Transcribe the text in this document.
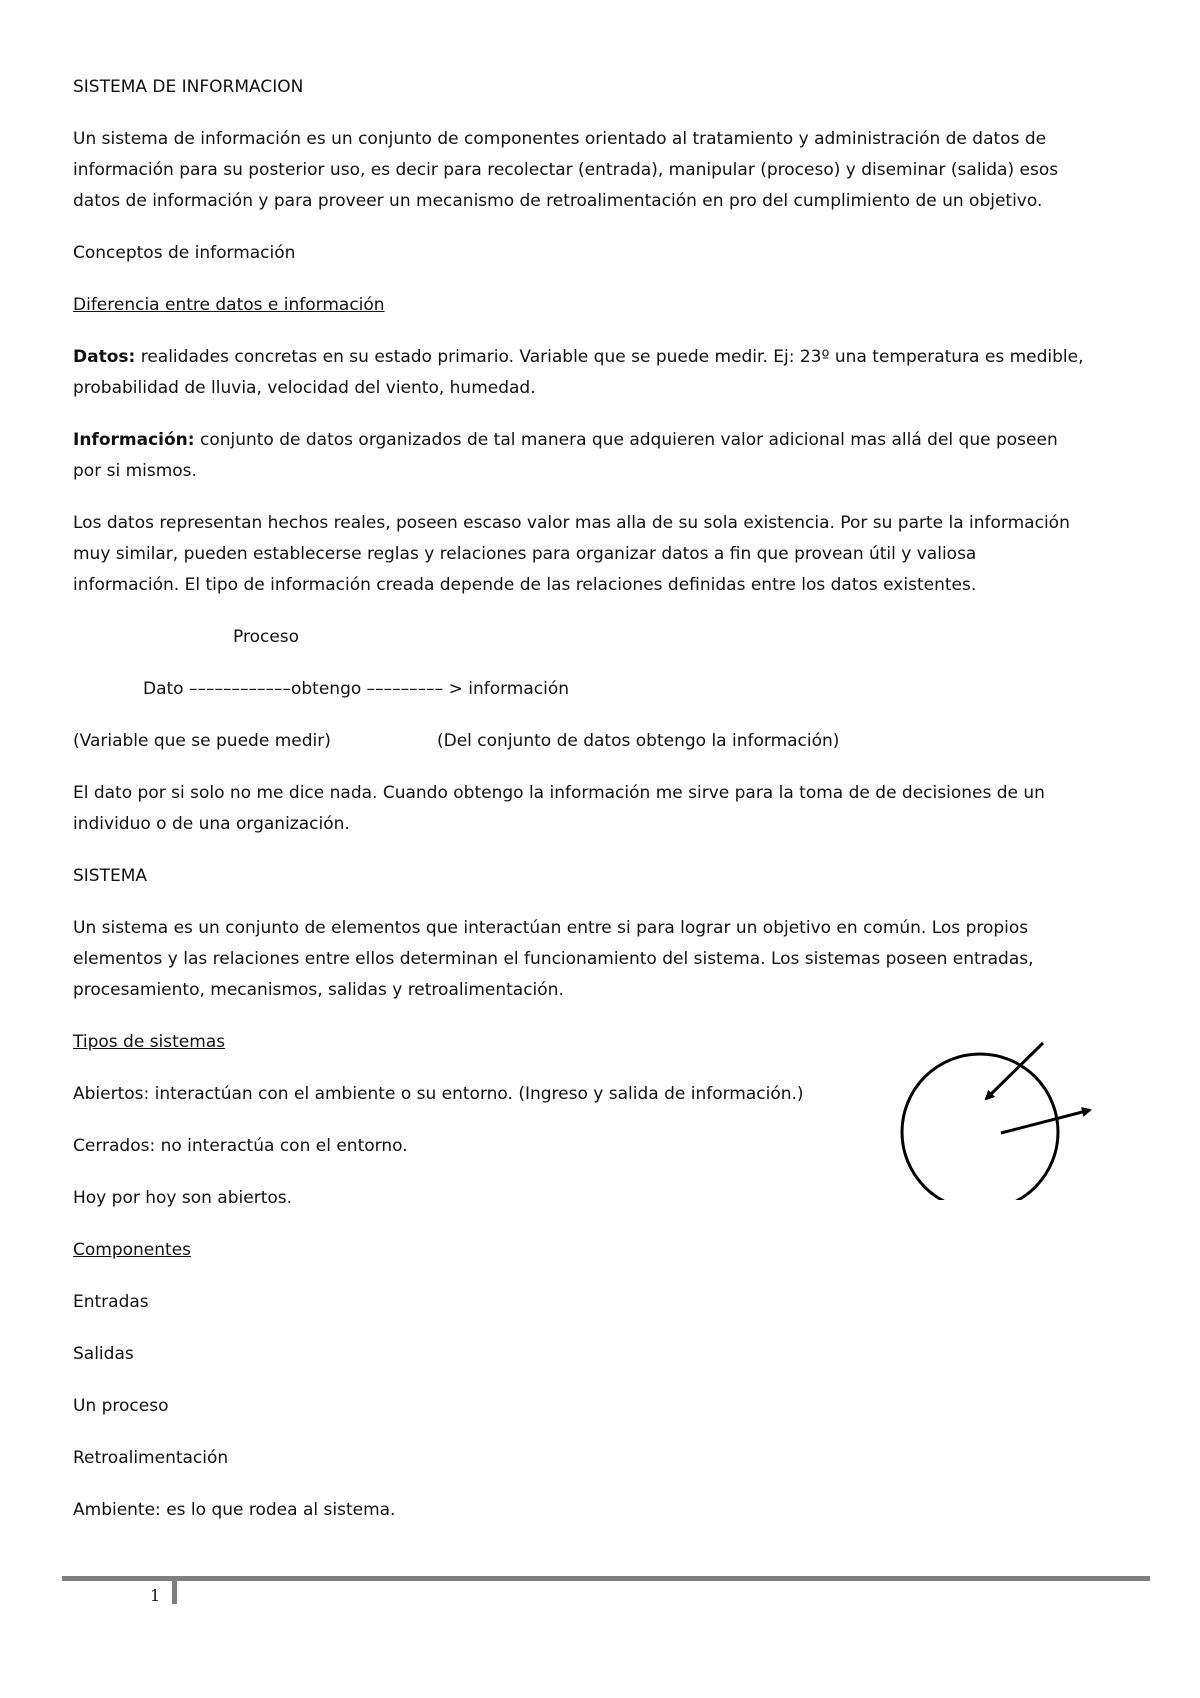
SISTEMA DE INFORMACION

Un sistema de información es un conjunto de componentes orientado al tratamiento y administración de datos de

información para su posterior uso, es decir para recolectar (entrada), manipular (proceso) y diseminar (salida) esos

datos de información y para proveer un mecanismo de retroalimentación en pro del cumplimiento de un objetivo.

Conceptos de información

Diferencia entre datos e información

Datos: realidades concretas en su estado primario. Variable que se puede medir. Ej: 23º una temperatura es medible,

probabilidad de lluvia, velocidad del viento, humedad.

Información: conjunto de datos organizados de tal manera que adquieren valor adicional mas allá del que poseen

por si mismos.

Los datos representan hechos reales, poseen escaso valor mas alla de su sola existencia. Por su parte la información

muy similar, pueden establecerse reglas y relaciones para organizar datos a fin que provean útil y valiosa

información. El tipo de información creada depende de las relaciones definidas entre los datos existentes.

Proceso

Dato ––––––––––––obtengo ––––––––– > información

(Variable que se puede medir)	(Del conjunto de datos obtengo la información)

El dato por si solo no me dice nada. Cuando obtengo la información me sirve para la toma de de decisiones de un

individuo o de una organización.

SISTEMA

Un sistema es un conjunto de elementos que interactúan entre si para lograr un objetivo en común. Los propios

elementos y las relaciones entre ellos determinan el funcionamiento del sistema. Los sistemas poseen entradas,

procesamiento, mecanismos, salidas y retroalimentación.

Tipos de sistemas

Abiertos: interactúan con el ambiente o su entorno. (Ingreso y salida de información.)

Cerrados: no interactúa con el entorno.

Hoy por hoy son abiertos.

Componentes

Entradas

Salidas

Un proceso

Retroalimentación

Ambiente: es lo que rodea al sistema.

1
